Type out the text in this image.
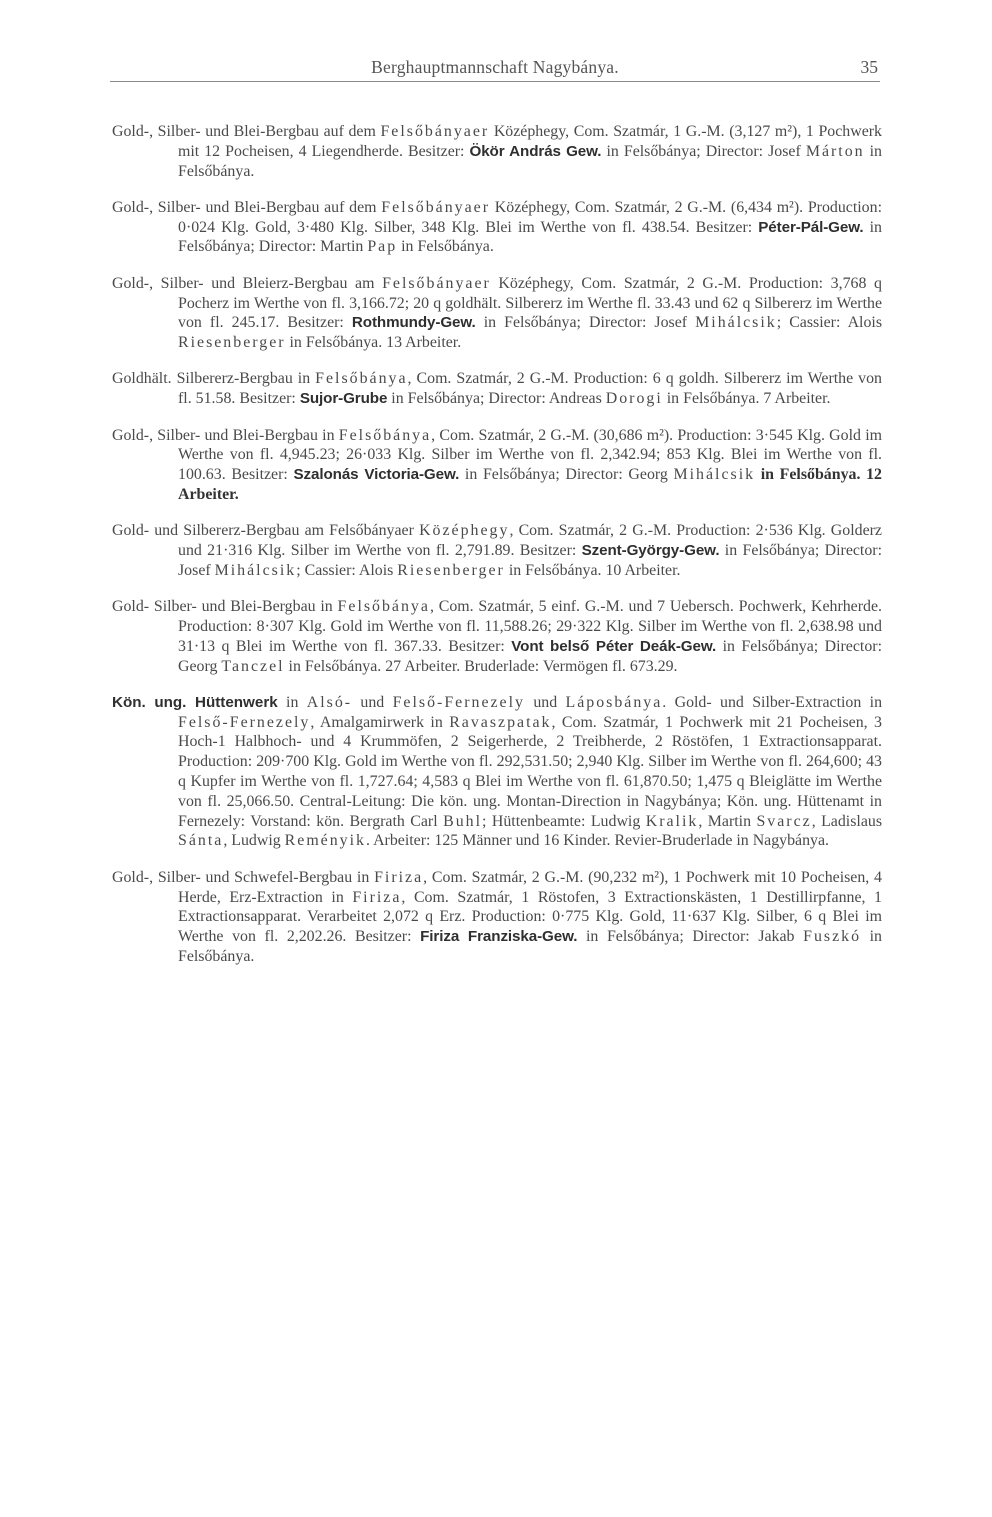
Berghauptmannschaft Nagybánya.	35

Gold-, Silber- und Blei-Bergbau auf dem Felsőbányaer Középhegy, Com. Szatmár, 1 G.-M. (3,127 m²), 1 Pochwerk mit 12 Pocheisen, 4 Liegendherde. Besitzer: Ökör András Gew. in Felsőbánya; Director: Josef Márton in Felsőbánya.

Gold-, Silber- und Blei-Bergbau auf dem Felsőbányaer Középhegy, Com. Szatmár, 2 G.-M. (6,434 m²). Production: 0·024 Klg. Gold, 3·480 Klg. Silber, 348 Klg. Blei im Werthe von fl. 438.54. Besitzer: Péter-Pál-Gew. in Felsőbánya; Director: Martin Pap in Felsőbánya.

Gold-, Silber- und Bleierz-Bergbau am Felsőbányaer Középhegy, Com. Szatmár, 2 G.-M. Production: 3,768 q Pocherz im Werthe von fl. 3,166.72; 20 q goldhält. Silbererz im Werthe fl. 33.43 und 62 q Silbererz im Werthe von fl. 245.17. Besitzer: Rothmundy-Gew. in Felsőbánya; Director: Josef Mihálcsik; Cassier: Alois Riesenberger in Felsőbánya. 13 Arbeiter.

Goldhält. Silbererz-Bergbau in Felsőbánya, Com. Szatmár, 2 G.-M. Production: 6 q goldh. Silbererz im Werthe von fl. 51.58. Besitzer: Sujor-Grube in Felsőbánya; Director: Andreas Dorogi in Felsőbánya. 7 Arbeiter.

Gold-, Silber- und Blei-Bergbau in Felsőbánya, Com. Szatmár, 2 G.-M. (30,686 m²). Production: 3·545 Klg. Gold im Werthe von fl. 4,945.23; 26·033 Klg. Silber im Werthe von fl. 2,342.94; 853 Klg. Blei im Werthe von fl. 100.63. Besitzer: Szalonás Victoria-Gew. in Felsőbánya; Director: Georg Mihálcsik in Felsőbánya. 12 Arbeiter.

Gold- und Silbererz-Bergbau am Felsőbányaer Középhegy, Com. Szatmár, 2 G.-M. Production: 2·536 Klg. Golderz und 21·316 Klg. Silber im Werthe von fl. 2,791.89. Besitzer: Szent-György-Gew. in Felsőbánya; Director: Josef Mihálcsik; Cassier: Alois Riesenberger in Felsőbánya. 10 Arbeiter.

Gold- Silber- und Blei-Bergbau in Felsőbánya, Com. Szatmár, 5 einf. G.-M. und 7 Uebersch. Pochwerk, Kehrherde. Production: 8·307 Klg. Gold im Werthe von fl. 11,588.26; 29·322 Klg. Silber im Werthe von fl. 2,638.98 und 31·13 q Blei im Werthe von fl. 367.33. Besitzer: Vont belső Péter Deák-Gew. in Felsőbánya; Director: Georg Tanczel in Felsőbánya. 27 Arbeiter. Bruderlade: Vermögen fl. 673.29.

Kön. ung. Hüttenwerk in Alsó- und Felső-Fernezely und Láposbánya. Gold- und Silber-Extraction in Felső-Fernezely, Amalgamirwerk in Ravaszpatak, Com. Szatmár, 1 Pochwerk mit 21 Pocheisen, 3 Hoch-1 Halbhoch- und 4 Krummöfen, 2 Seigerherde, 2 Treibherde, 2 Röstöfen, 1 Extractionsapparat. Production: 209·700 Klg. Gold im Werthe von fl. 292,531.50; 2,940 Klg. Silber im Werthe von fl. 264,600; 43 q Kupfer im Werthe von fl. 1,727.64; 4,583 q Blei im Werthe von fl. 61,870.50; 1,475 q Bleiglätte im Werthe von fl. 25,066.50. Central-Leitung: Die kön. ung. Montan-Direction in Nagybánya; Kön. ung. Hüttenamt in Fernezely: Vorstand: kön. Bergrath Carl Buhl; Hüttenbeamte: Ludwig Kralik, Martin Svarcz, Ladislaus Sánta, Ludwig Reményik. Arbeiter: 125 Männer und 16 Kinder. Revier-Bruderlade in Nagybánya.

Gold-, Silber- und Schwefel-Bergbau in Firiza, Com. Szatmár, 2 G.-M. (90,232 m²), 1 Pochwerk mit 10 Pocheisen, 4 Herde, Erz-Extraction in Firiza, Com. Szatmár, 1 Röstofen, 3 Extractionskästen, 1 Destillirpfanne, 1 Extractionsapparat. Verarbeitet 2,072 q Erz. Production: 0·775 Klg. Gold, 11·637 Klg. Silber, 6 q Blei im Werthe von fl. 2,202.26. Besitzer: Firiza Franziska-Gew. in Felsőbánya; Director: Jakab Fuszkó in Felsőbánya.
